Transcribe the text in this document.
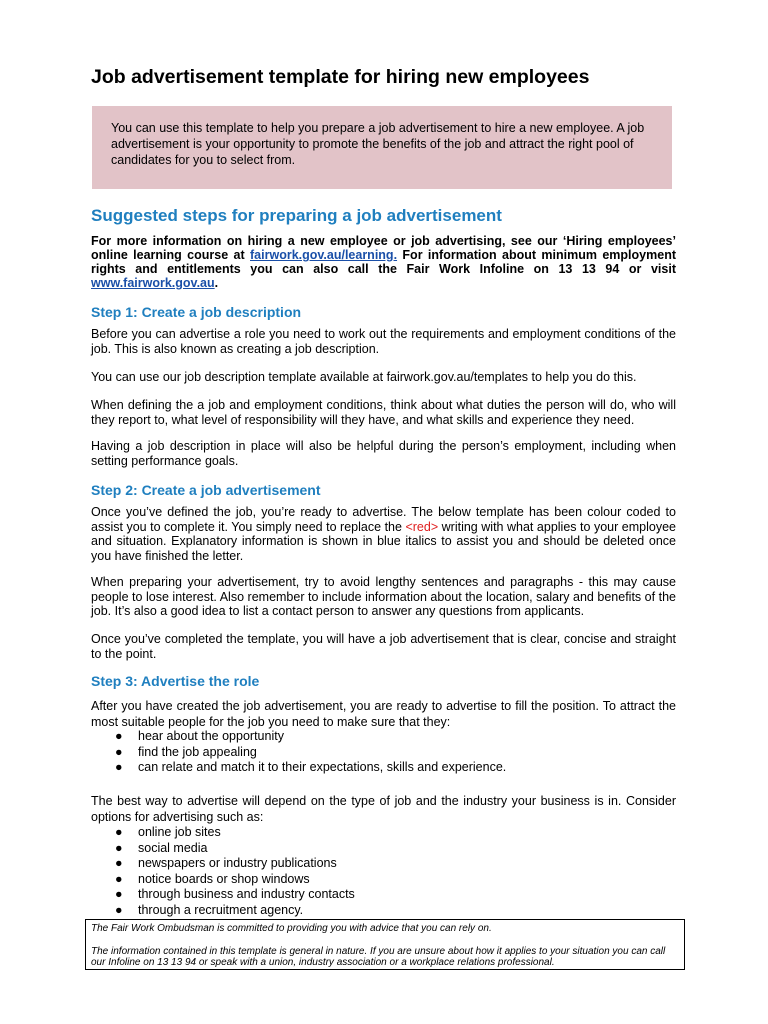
Job advertisement template for hiring new employees
You can use this template to help you prepare a job advertisement to hire a new employee. A job advertisement is your opportunity to promote the benefits of the job and attract the right pool of candidates for you to select from.
Suggested steps for preparing a job advertisement

For more information on hiring a new employee or job advertising, see our ‘Hiring employees’ online learning course at fairwork.gov.au/learning. For information about minimum employment rights and entitlements you can also call the Fair Work Infoline on 13 13 94 or visit www.fairwork.gov.au.

Step 1: Create a job description

Before you can advertise a role you need to work out the requirements and employment conditions of the job. This is also known as creating a job description.

You can use our job description template available at fairwork.gov.au/templates to help you do this.

When defining the a job and employment conditions, think about what duties the person will do, who will they report to, what level of responsibility will they have, and what skills and experience they need.

Having a job description in place will also be helpful during the person’s employment, including when setting performance goals.

Step 2: Create a job advertisement

Once you’ve defined the job, you’re ready to advertise. The below template has been colour coded to assist you to complete it. You simply need to replace the <red> writing with what applies to your employee and situation. Explanatory information is shown in blue italics to assist you and should be deleted once you have finished the letter.

When preparing your advertisement, try to avoid lengthy sentences and paragraphs - this may cause people to lose interest. Also remember to include information about the location, salary and benefits of the job. It’s also a good idea to list a contact person to answer any questions from applicants.

Once you’ve completed the template, you will have a job advertisement that is clear, concise and straight to the point.

Step 3: Advertise the role

After you have created the job advertisement, you are ready to advertise to fill the position. To attract the most suitable people for the job you need to make sure that they:

● hear about the opportunity
● find the job appealing
● can relate and match it to their expectations, skills and experience.

The best way to advertise will depend on the type of job and the industry your business is in. Consider options for advertising such as:

● online job sites
● social media
● newspapers or industry publications
● notice boards or shop windows
● through business and industry contacts
● through a recruitment agency.

The Fair Work Ombudsman is committed to providing you with advice that you can rely on.

The information contained in this template is general in nature. If you are unsure about how it applies to your situation you can call our Infoline on 13 13 94 or speak with a union, industry association or a workplace relations professional.
